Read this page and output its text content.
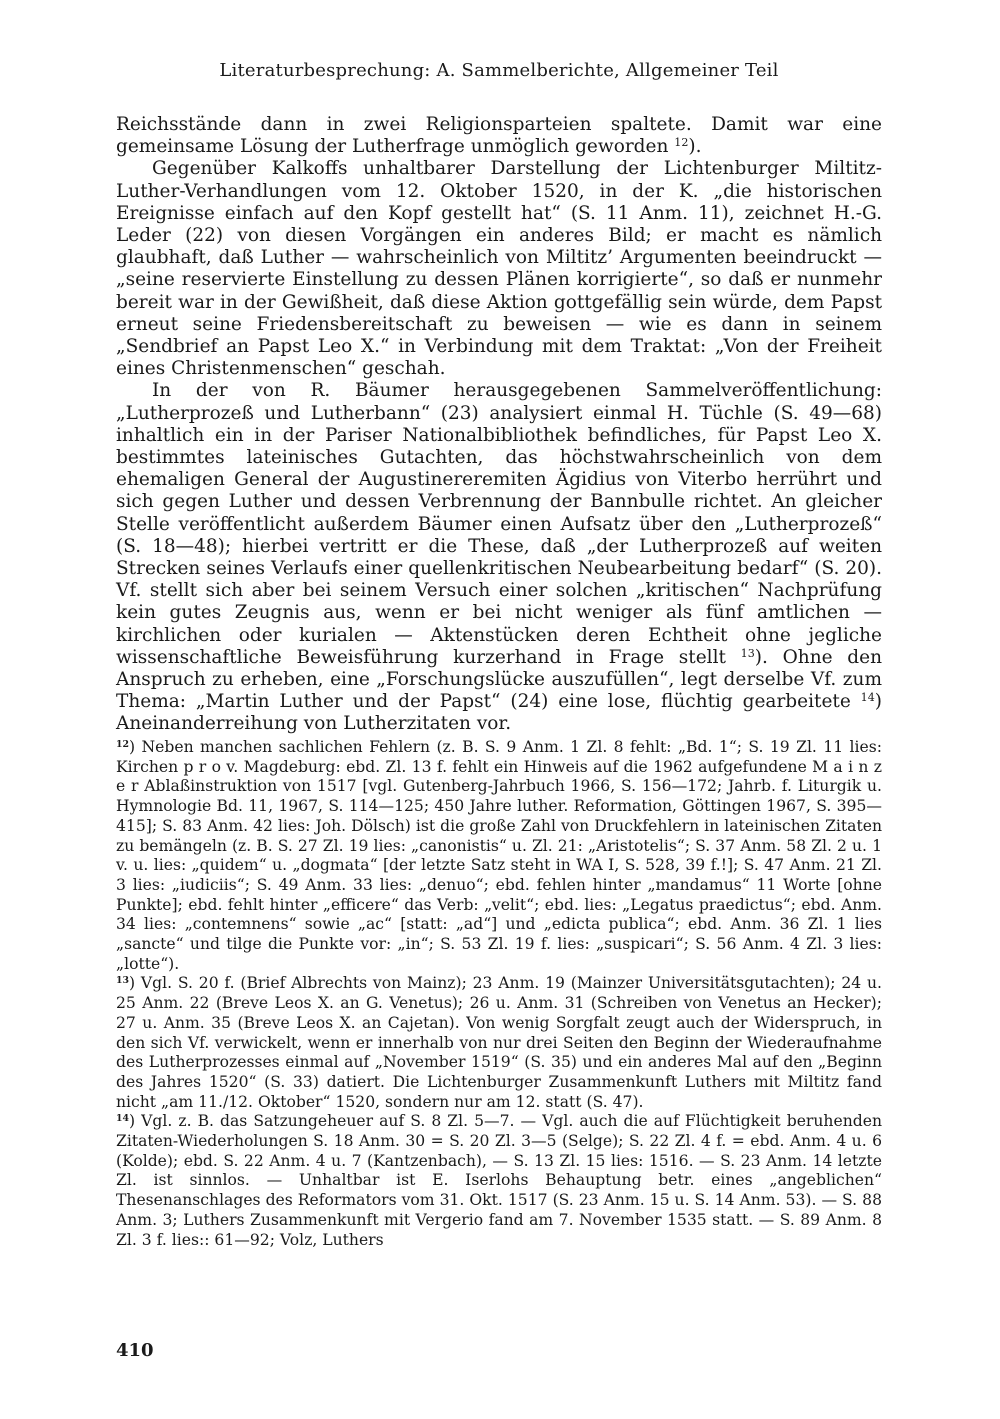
Literaturbesprechung: A. Sammelberichte, Allgemeiner Teil

Reichsstände dann in zwei Religionsparteien spaltete. Damit war eine gemeinsame Lösung der Lutherfrage unmöglich geworden $^{12}$).

Gegenüber Kalkoffs unhaltbarer Darstellung der Lichtenburger Miltitz-Luther-Verhandlungen vom 12. Oktober 1520, in der K. „die historischen Ereignisse einfach auf den Kopf gestellt hat“ (S. 11 Anm. 11), zeichnet H.-G. Leder (22) von diesen Vorgängen ein anderes Bild; er macht es nämlich glaubhaft, daß Luther — wahrscheinlich von Miltitz’ Argumenten beeindruckt — „seine reservierte Einstellung zu dessen Plänen korrigierte“, so daß er nunmehr bereit war in der Gewißheit, daß diese Aktion gottgefällig sein würde, dem Papst erneut seine Friedensbereitschaft zu beweisen — wie es dann in seinem „Sendbrief an Papst Leo X.“ in Verbindung mit dem Traktat: „Von der Freiheit eines Christenmenschen“ geschah.

In der von R. Bäumer herausgegebenen Sammelveröffentlichung: „Lutherprozeß und Lutherbann“ (23) analysiert einmal H. Tüchle (S. 49—68) inhaltlich ein in der Pariser Nationalbibliothek befindliches, für Papst Leo X. bestimmtes lateinisches Gutachten, das höchstwahrscheinlich von dem ehemaligen General der Augustinereremiten Ägidius von Viterbo herrührt und sich gegen Luther und dessen Verbrennung der Bannbulle richtet. An gleicher Stelle veröffentlicht außerdem Bäumer einen Aufsatz über den „Lutherprozeß“ (S. 18—48); hierbei vertritt er die These, daß „der Lutherprozeß auf weiten Strecken seines Verlaufs einer quellenkritischen Neubearbeitung bedarf“ (S. 20). Vf. stellt sich aber bei seinem Versuch einer solchen „kritischen“ Nachprüfung kein gutes Zeugnis aus, wenn er bei nicht weniger als fünf amtlichen — kirchlichen oder kurialen — Aktenstücken deren Echtheit ohne jegliche wissenschaftliche Beweisführung kurzerhand in Frage stellt $^{13}$). Ohne den Anspruch zu erheben, eine „Forschungslücke auszufüllen“, legt derselbe Vf. zum Thema: „Martin Luther und der Papst“ (24) eine lose, flüchtig gearbeitete $^{14}$) Aneinanderreihung von Lutherzitaten vor.

$^{12}$) Neben manchen sachlichen Fehlern (z. B. S. 9 Anm. 1 Zl. 8 fehlt: „Bd. 1“; S. 19 Zl. 11 lies: Kirchen p r o v. Magdeburg: ebd. Zl. 13 f. fehlt ein Hinweis auf die 1962 aufgefundene M a i n z e r Ablaßinstruktion von 1517 [vgl. Gutenberg-Jahrbuch 1966, S. 156—172; Jahrb. f. Liturgik u. Hymnologie Bd. 11, 1967, S. 114—125; 450 Jahre luther. Reformation, Göttingen 1967, S. 395—415]; S. 83 Anm. 42 lies: Joh. Dölsch) ist die große Zahl von Druckfehlern in lateinischen Zitaten zu bemängeln (z. B. S. 27 Zl. 19 lies: „canonistis“ u. Zl. 21: „Aristotelis“; S. 37 Anm. 58 Zl. 2 u. 1 v. u. lies: „quidem“ u. „dogmata“ [der letzte Satz steht in WA I, S. 528, 39 f.!]; S. 47 Anm. 21 Zl. 3 lies: „iudiciis“; S. 49 Anm. 33 lies: „denuo“; ebd. fehlen hinter „mandamus“ 11 Worte [ohne Punkte]; ebd. fehlt hinter „efficere“ das Verb: „velit“; ebd. lies: „Legatus praedictus“; ebd. Anm. 34 lies: „contemnens“ sowie „ac“ [statt: „ad“] und „edicta publica“; ebd. Anm. 36 Zl. 1 lies „sancte“ und tilge die Punkte vor: „in“; S. 53 Zl. 19 f. lies: „suspicari“; S. 56 Anm. 4 Zl. 3 lies: „lotte“).

$^{13}$) Vgl. S. 20 f. (Brief Albrechts von Mainz); 23 Anm. 19 (Mainzer Universitätsgutachten); 24 u. 25 Anm. 22 (Breve Leos X. an G. Venetus); 26 u. Anm. 31 (Schreiben von Venetus an Hecker); 27 u. Anm. 35 (Breve Leos X. an Cajetan). Von wenig Sorgfalt zeugt auch der Widerspruch, in den sich Vf. verwickelt, wenn er innerhalb von nur drei Seiten den Beginn der Wiederaufnahme des Lutherprozesses einmal auf „November 1519“ (S. 35) und ein anderes Mal auf den „Beginn des Jahres 1520“ (S. 33) datiert. Die Lichtenburger Zusammenkunft Luthers mit Miltitz fand nicht „am 11./12. Oktober“ 1520, sondern nur am 12. statt (S. 47).

$^{14}$) Vgl. z. B. das Satzungeheuer auf S. 8 Zl. 5—7. — Vgl. auch die auf Flüchtigkeit beruhenden Zitaten-Wiederholungen S. 18 Anm. 30 = S. 20 Zl. 3—5 (Selge); S. 22 Zl. 4 f. = ebd. Anm. 4 u. 6 (Kolde); ebd. S. 22 Anm. 4 u. 7 (Kantzenbach), — S. 13 Zl. 15 lies: 1516. — S. 23 Anm. 14 letzte Zl. ist sinnlos. — Unhaltbar ist E. Iserlohs Behauptung betr. eines „angeblichen“ Thesenanschlages des Reformators vom 31. Okt. 1517 (S. 23 Anm. 15 u. S. 14 Anm. 53). — S. 88 Anm. 3; Luthers Zusammenkunft mit Vergerio fand am 7. November 1535 statt. — S. 89 Anm. 8 Zl. 3 f. lies:: 61—92; Volz, Luthers

410
